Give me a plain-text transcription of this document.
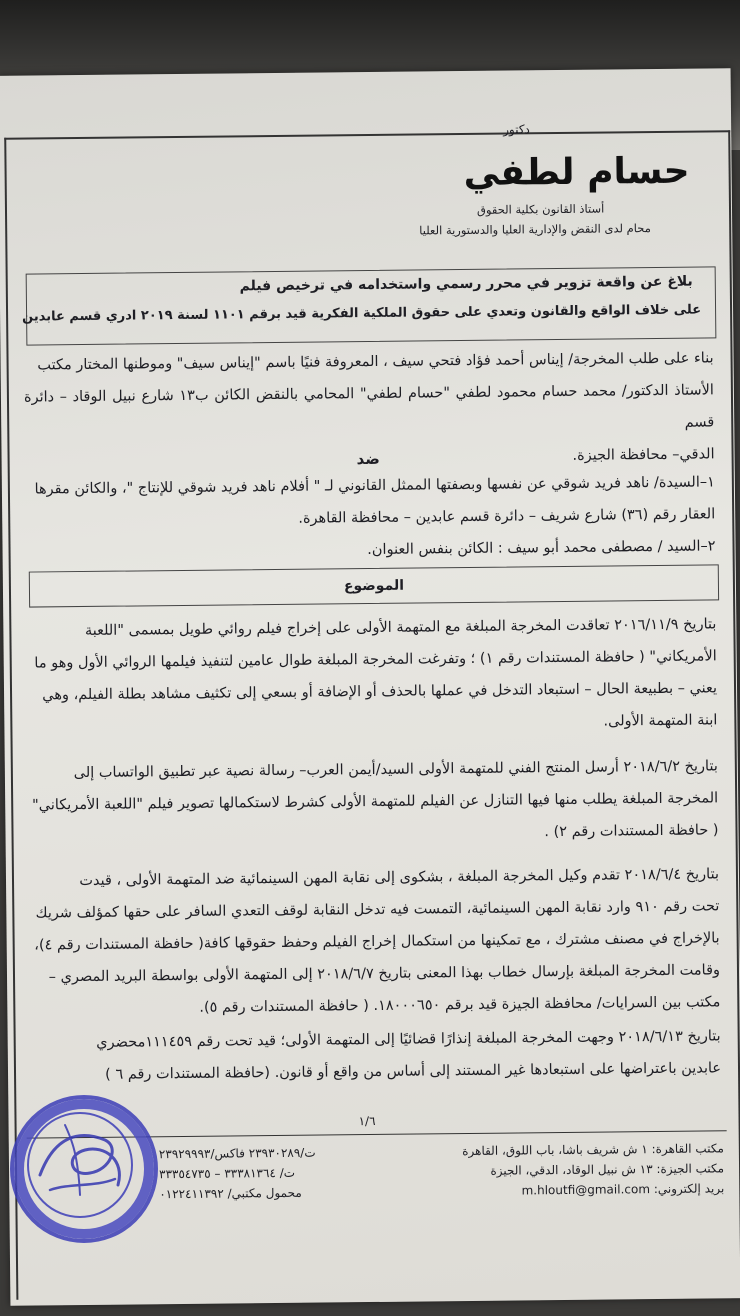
دكتور
حسام لطفي
أستاذ القانون بكلية الحقوق
محام لدى النقض والإدارية العليا والدستورية العليا
بلاغ عن واقعة تزوير في محرر رسمي واستخدامه في ترخيص فيلم
على خلاف الواقع والقانون وتعدي على حقوق الملكية الفكرية قيد برقم ١١٠١ لسنة ٢٠١٩ ادري قسم عابدين
بناء على طلب المخرجة/ إيناس أحمد فؤاد فتحي سيف ، المعروفة فنيًا باسم "إيناس سيف" وموطنها المختار مكتب
الأستاذ الدكتور/ محمد حسام محمود لطفي "حسام لطفي" المحامي بالنقض الكائن ب١٣ شارع نبيل الوقاد – دائرة قسم
الدقي– محافظة الجيزة.
ضد
١–السيدة/ ناهد فريد شوقي عن نفسها وبصفتها الممثل القانوني لـ " أفلام ناهد فريد شوقي للإنتاج "، والكائن مقرها
العقار رقم (٣٦) شارع شريف – دائرة قسم عابدين – محافظة القاهرة.
٢–السيد / مصطفى محمد أبو سيف : الكائن بنفس العنوان.
الموضوع
بتاريخ ٢٠١٦/١١/٩ تعاقدت المخرجة المبلغة مع المتهمة الأولى على إخراج فيلم روائي طويل بمسمى "اللعبة
الأمريكاني" ( حافظة المستندات رقم ١) ؛ وتفرغت المخرجة المبلغة طوال عامين لتنفيذ فيلمها الروائي الأول وهو ما
يعني – بطبيعة الحال – استبعاد التدخل في عملها بالحذف أو الإضافة أو بسعي إلى تكثيف مشاهد بطلة الفيلم، وهي
ابنة المتهمة الأولى.
بتاريخ ٢٠١٨/٦/٢ أرسل المنتج الفني للمتهمة الأولى السيد/أيمن العرب– رسالة نصية عبر تطبيق الواتساب إلى
المخرجة المبلغة يطلب منها فيها التنازل عن الفيلم للمتهمة الأولى كشرط لاستكمالها تصوير فيلم "اللعبة الأمريكاني"
( حافظة المستندات رقم ٢) .
بتاريخ ٢٠١٨/٦/٤ تقدم وكيل المخرجة المبلغة ، بشكوى إلى نقابة المهن السينمائية ضد المتهمة الأولى ، قيدت
تحت رقم ٩١٠ وارد نقابة المهن السينمائية، التمست فيه تدخل النقابة لوقف التعدي السافر على حقها كمؤلف شريك
بالإخراج في مصنف مشترك ، مع تمكينها من استكمال إخراج الفيلم وحفظ حقوقها كافة( حافظة المستندات رقم ٤)،
وقامت المخرجة المبلغة بإرسال خطاب بهذا المعنى بتاريخ ٢٠١٨/٦/٧ إلى المتهمة الأولى بواسطة البريد المصري –
مكتب بين السرايات/ محافظة الجيزة قيد برقم ١٨٠٠٠٦٥٠. ( حافظة المستندات رقم ٥).
بتاريخ ٢٠١٨/٦/١٣ وجهت المخرجة المبلغة إنذارًا قضائيًا إلى المتهمة الأولى؛ قيد تحت رقم ١١١٤٥٩محضري
عابدين باعتراضها على استبعادها غير المستند إلى أساس من واقع أو قانون. (حافظة المستندات رقم ٦ )
١/٦
مكتب القاهرة: ١ ش شريف باشا، باب اللوق، القاهرة
مكتب الجيزة: ١٣ ش نبيل الوقاد، الدقي، الجيزة
بريد إلكتروني: m.hloutfi@gmail.com
ت/٢٣٩٣٠٢٨٩ فاكس/٢٣٩٢٩٩٩٣
ت/ ٣٣٣٨١٣٦٤ – ٣٣٣٥٤٧٣٥
محمول مكتبي/ ٠١٢٢٤١١٣٩٢
